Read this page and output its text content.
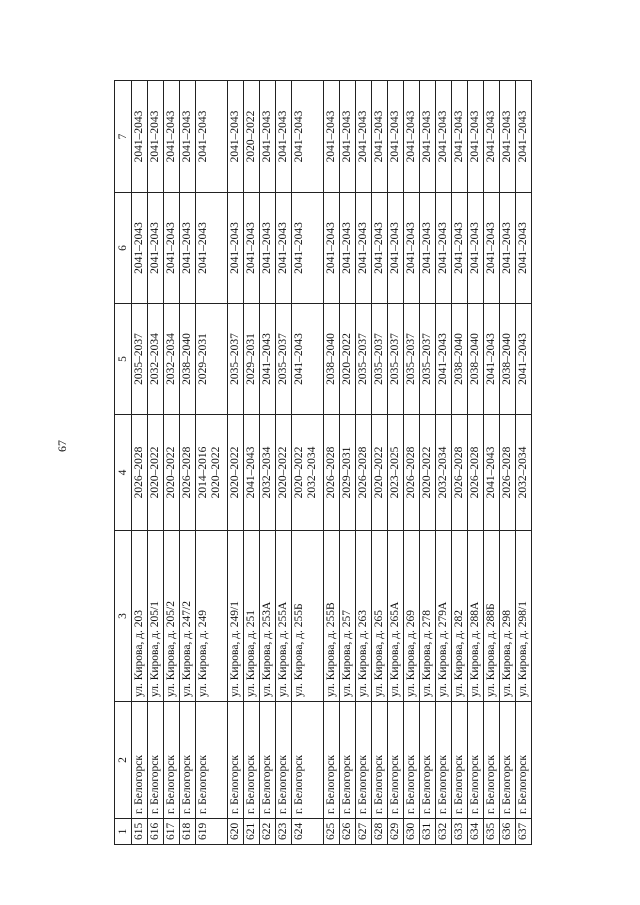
67
1	2	3	4	5	6	7
615	г. Белогорск	ул. Кирова, д. 203	2026–2028	2035–2037	2041–2043	2041–2043
616	г. Белогорск	ул. Кирова, д. 205/1	2020–2022	2032–2034	2041–2043	2041–2043
617	г. Белогорск	ул. Кирова, д. 205/2	2020–2022	2032–2034	2041–2043	2041–2043
618	г. Белогорск	ул. Кирова, д. 247/2	2026–2028	2038–2040	2041–2043	2041–2043
619	г. Белогорск	ул. Кирова, д. 249	2014–2016 2020–2022	2029–2031	2041–2043	2041–2043
620	г. Белогорск	ул. Кирова, д. 249/1	2020–2022	2035–2037	2041–2043	2041–2043
621	г. Белогорск	ул. Кирова, д. 251	2041–2043	2029–2031	2041–2043	2020–2022
622	г. Белогорск	ул. Кирова, д. 253А	2032–2034	2041–2043	2041–2043	2041–2043
623	г. Белогорск	ул. Кирова, д. 255А	2020–2022	2035–2037	2041–2043	2041–2043
624	г. Белогорск	ул. Кирова, д. 255Б	2020–2022 2032–2034	2041–2043	2041–2043	2041–2043
625	г. Белогорск	ул. Кирова, д. 255В	2026–2028	2038–2040	2041–2043	2041–2043
626	г. Белогорск	ул. Кирова, д. 257	2029–2031	2020–2022	2041–2043	2041–2043
627	г. Белогорск	ул. Кирова, д. 263	2026–2028	2035–2037	2041–2043	2041–2043
628	г. Белогорск	ул. Кирова, д. 265	2020–2022	2035–2037	2041–2043	2041–2043
629	г. Белогорск	ул. Кирова, д. 265А	2023–2025	2035–2037	2041–2043	2041–2043
630	г. Белогорск	ул. Кирова, д. 269	2026–2028	2035–2037	2041–2043	2041–2043
631	г. Белогорск	ул. Кирова, д. 278	2020–2022	2035–2037	2041–2043	2041–2043
632	г. Белогорск	ул. Кирова, д. 279А	2032–2034	2041–2043	2041–2043	2041–2043
633	г. Белогорск	ул. Кирова, д. 282	2026–2028	2038–2040	2041–2043	2041–2043
634	г. Белогорск	ул. Кирова, д. 288А	2026–2028	2038–2040	2041–2043	2041–2043
635	г. Белогорск	ул. Кирова, д. 288Б	2041–2043	2041–2043	2041–2043	2041–2043
636	г. Белогорск	ул. Кирова, д. 298	2026–2028	2038–2040	2041–2043	2041–2043
637	г. Белогорск	ул. Кирова, д. 298/1	2032–2034	2041–2043	2041–2043	2041–2043
